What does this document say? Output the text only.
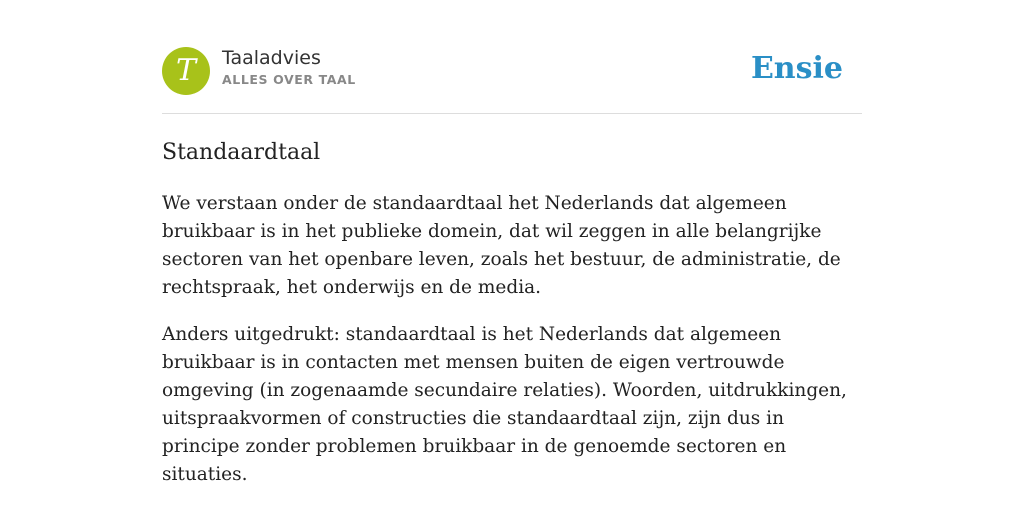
T	Taaladvies
ALLES OVER TAAL	Ensie
Standaardtaal

We verstaan onder de standaardtaal het Nederlands dat algemeen bruikbaar is in het publieke domein, dat wil zeggen in alle belangrijke sectoren van het openbare leven, zoals het bestuur, de administratie, de rechtspraak, het onderwijs en de media.

Anders uitgedrukt: standaardtaal is het Nederlands dat algemeen bruikbaar is in contacten met mensen buiten de eigen vertrouwde omgeving (in zogenaamde secundaire relaties). Woorden, uitdrukkingen, uitspraakvormen of constructies die standaardtaal zijn, zijn dus in principe zonder problemen bruikbaar in de genoemde sectoren en situaties.
